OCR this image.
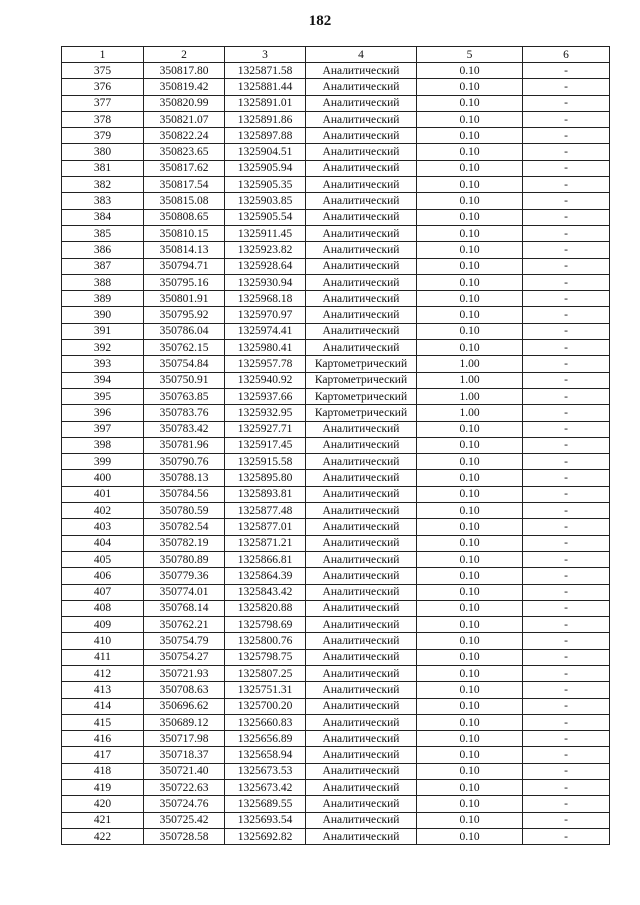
182
1	2	3	4	5	6
375	350817.80	1325871.58	Аналитический	0.10	-
376	350819.42	1325881.44	Аналитический	0.10	-
377	350820.99	1325891.01	Аналитический	0.10	-
378	350821.07	1325891.86	Аналитический	0.10	-
379	350822.24	1325897.88	Аналитический	0.10	-
380	350823.65	1325904.51	Аналитический	0.10	-
381	350817.62	1325905.94	Аналитический	0.10	-
382	350817.54	1325905.35	Аналитический	0.10	-
383	350815.08	1325903.85	Аналитический	0.10	-
384	350808.65	1325905.54	Аналитический	0.10	-
385	350810.15	1325911.45	Аналитический	0.10	-
386	350814.13	1325923.82	Аналитический	0.10	-
387	350794.71	1325928.64	Аналитический	0.10	-
388	350795.16	1325930.94	Аналитический	0.10	-
389	350801.91	1325968.18	Аналитический	0.10	-
390	350795.92	1325970.97	Аналитический	0.10	-
391	350786.04	1325974.41	Аналитический	0.10	-
392	350762.15	1325980.41	Аналитический	0.10	-
393	350754.84	1325957.78	Картометрический	1.00	-
394	350750.91	1325940.92	Картометрический	1.00	-
395	350763.85	1325937.66	Картометрический	1.00	-
396	350783.76	1325932.95	Картометрический	1.00	-
397	350783.42	1325927.71	Аналитический	0.10	-
398	350781.96	1325917.45	Аналитический	0.10	-
399	350790.76	1325915.58	Аналитический	0.10	-
400	350788.13	1325895.80	Аналитический	0.10	-
401	350784.56	1325893.81	Аналитический	0.10	-
402	350780.59	1325877.48	Аналитический	0.10	-
403	350782.54	1325877.01	Аналитический	0.10	-
404	350782.19	1325871.21	Аналитический	0.10	-
405	350780.89	1325866.81	Аналитический	0.10	-
406	350779.36	1325864.39	Аналитический	0.10	-
407	350774.01	1325843.42	Аналитический	0.10	-
408	350768.14	1325820.88	Аналитический	0.10	-
409	350762.21	1325798.69	Аналитический	0.10	-
410	350754.79	1325800.76	Аналитический	0.10	-
411	350754.27	1325798.75	Аналитический	0.10	-
412	350721.93	1325807.25	Аналитический	0.10	-
413	350708.63	1325751.31	Аналитический	0.10	-
414	350696.62	1325700.20	Аналитический	0.10	-
415	350689.12	1325660.83	Аналитический	0.10	-
416	350717.98	1325656.89	Аналитический	0.10	-
417	350718.37	1325658.94	Аналитический	0.10	-
418	350721.40	1325673.53	Аналитический	0.10	-
419	350722.63	1325673.42	Аналитический	0.10	-
420	350724.76	1325689.55	Аналитический	0.10	-
421	350725.42	1325693.54	Аналитический	0.10	-
422	350728.58	1325692.82	Аналитический	0.10	-
